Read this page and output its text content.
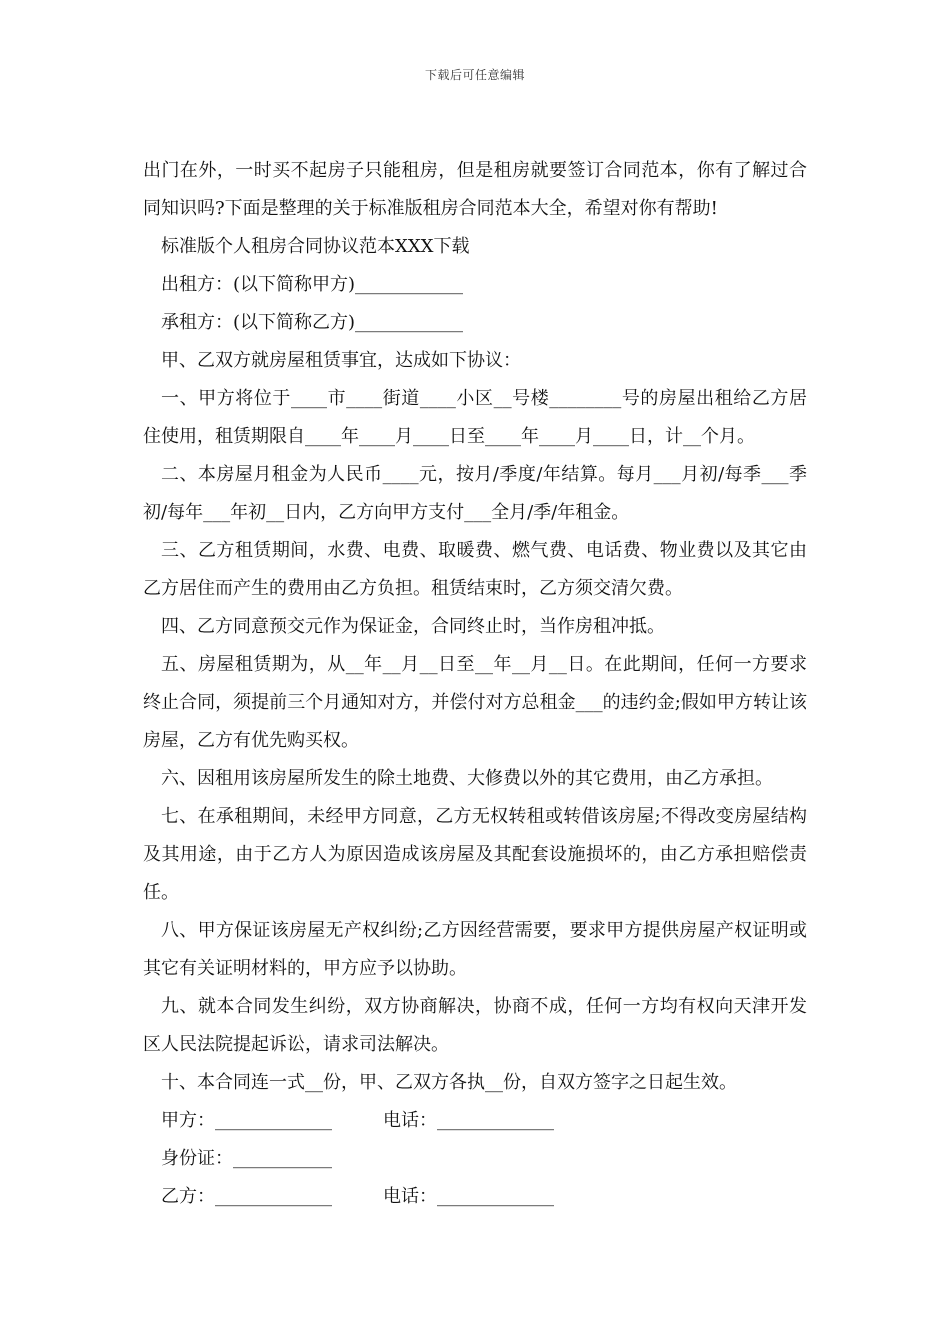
下载后可任意编辑

出门在外，一时买不起房子只能租房，但是租房就要签订合同范本，你有了解过合同知识吗?下面是整理的关于标准版租房合同范本大全，希望对你有帮助!

标准版个人租房合同协议范本XXX下载

出租方：(以下简称甲方)____________

承租方：(以下简称乙方)____________

甲、乙双方就房屋租赁事宜，达成如下协议：

一、甲方将位于____市____街道____小区__号楼________号的房屋出租给乙方居住使用，租赁期限自____年____月____日至____年____月____日，计__个月。

二、本房屋月租金为人民币____元，按月/季度/年结算。每月___月初/每季___季初/每年___年初__日内，乙方向甲方支付___全月/季/年租金。

三、乙方租赁期间，水费、电费、取暖费、燃气费、电话费、物业费以及其它由乙方居住而产生的费用由乙方负担。租赁结束时，乙方须交清欠费。

四、乙方同意预交元作为保证金，合同终止时，当作房租冲抵。

五、房屋租赁期为，从__年__月__日至__年__月__日。在此期间，任何一方要求终止合同，须提前三个月通知对方，并偿付对方总租金___的违约金;假如甲方转让该房屋，乙方有优先购买权。

六、因租用该房屋所发生的除土地费、大修费以外的其它费用，由乙方承担。

七、在承租期间，未经甲方同意，乙方无权转租或转借该房屋;不得改变房屋结构及其用途，由于乙方人为原因造成该房屋及其配套设施损坏的，由乙方承担赔偿责任。

八、甲方保证该房屋无产权纠纷;乙方因经营需要，要求甲方提供房屋产权证明或其它有关证明材料的，甲方应予以协助。

九、就本合同发生纠纷，双方协商解决，协商不成，任何一方均有权向天津开发区人民法院提起诉讼，请求司法解决。

十、本合同连一式__份，甲、乙双方各执__份，自双方签字之日起生效。

甲方：_____________	电话：_____________
身份证：___________
乙方：_____________	电话：_____________
